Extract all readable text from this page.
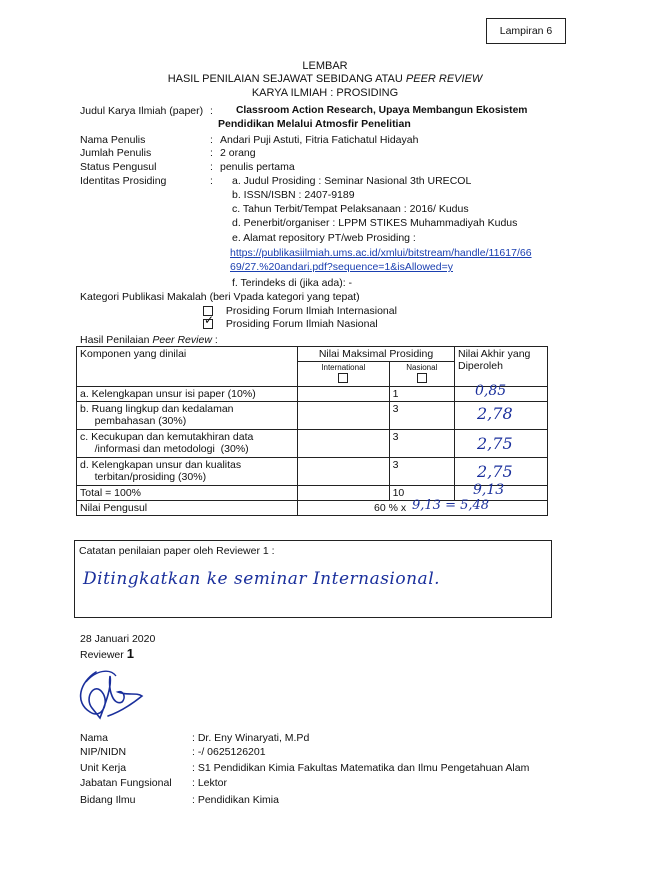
Lampiran 6
LEMBAR
HASIL PENILAIAN SEJAWAT SEBIDANG ATAU PEER REVIEW
KARYA ILMIAH : PROSIDING
Judul Karya Ilmiah (paper) : Classroom Action Research, Upaya Membangun Ekosistem
Pendidikan Melalui Atmosfir Penelitian
Nama Penulis	: Andari Puji Astuti, Fitria Fatichatul Hidayah
Jumlah Penulis	: 2 orang
Status Pengusul	: penulis pertama
Identitas Prosiding	: a. Judul Prosiding : Seminar Nasional 3th URECOL
b. ISSN/ISBN : 2407-9189
c. Tahun Terbit/Tempat Pelaksanaan : 2016/ Kudus
d. Penerbit/organiser : LPPM STIKES Muhammadiyah Kudus
e. Alamat repository PT/web Prosiding :
https://publikasiilmiah.ums.ac.id/xmlui/bitstream/handle/11617/66
69/27.%20andari.pdf?sequence=1&isAllowed=y
f. Terindeks di (jika ada): -
Kategori Publikasi Makalah (beri Vpada kategori yang tepat)
Prosiding Forum Ilmiah Internasional
✓ Prosiding Forum Ilmiah Nasional
Hasil Penilaian Peer Review :
Komponen yang dinilai	Nilai Maksimal Prosiding		Nilai Akhir yang
Diperoleh

	International	Nasional	

a. Kelengkapan unsur isi paper (10%)		1	0,85

b. Ruang lingkup dan kedalaman
pembahasan (30%)		3	2,78

c. Kecukupan dan kemutakhiran data
/informasi dan metodologi  (30%)		3	2,75

d. Kelengkapan unsur dan kualitas
terbitan/prosiding (30%)		3	2,75

Total = 100%		10	9,13

Nilai Pengusul	60 % x 9,13 = 5,48		
Catatan penilaian paper oleh Reviewer 1 :
Ditingkatkan ke seminar Internasional.
28 Januari 2020
Reviewer 1
Nama	: Dr. Eny Winaryati, M.Pd
NIP/NIDN	: -/ 0625126201
Unit Kerja	: S1 Pendidikan Kimia Fakultas Matematika dan Ilmu Pengetahuan Alam
Jabatan Fungsional : Lektor
Bidang Ilmu	: Pendidikan Kimia
